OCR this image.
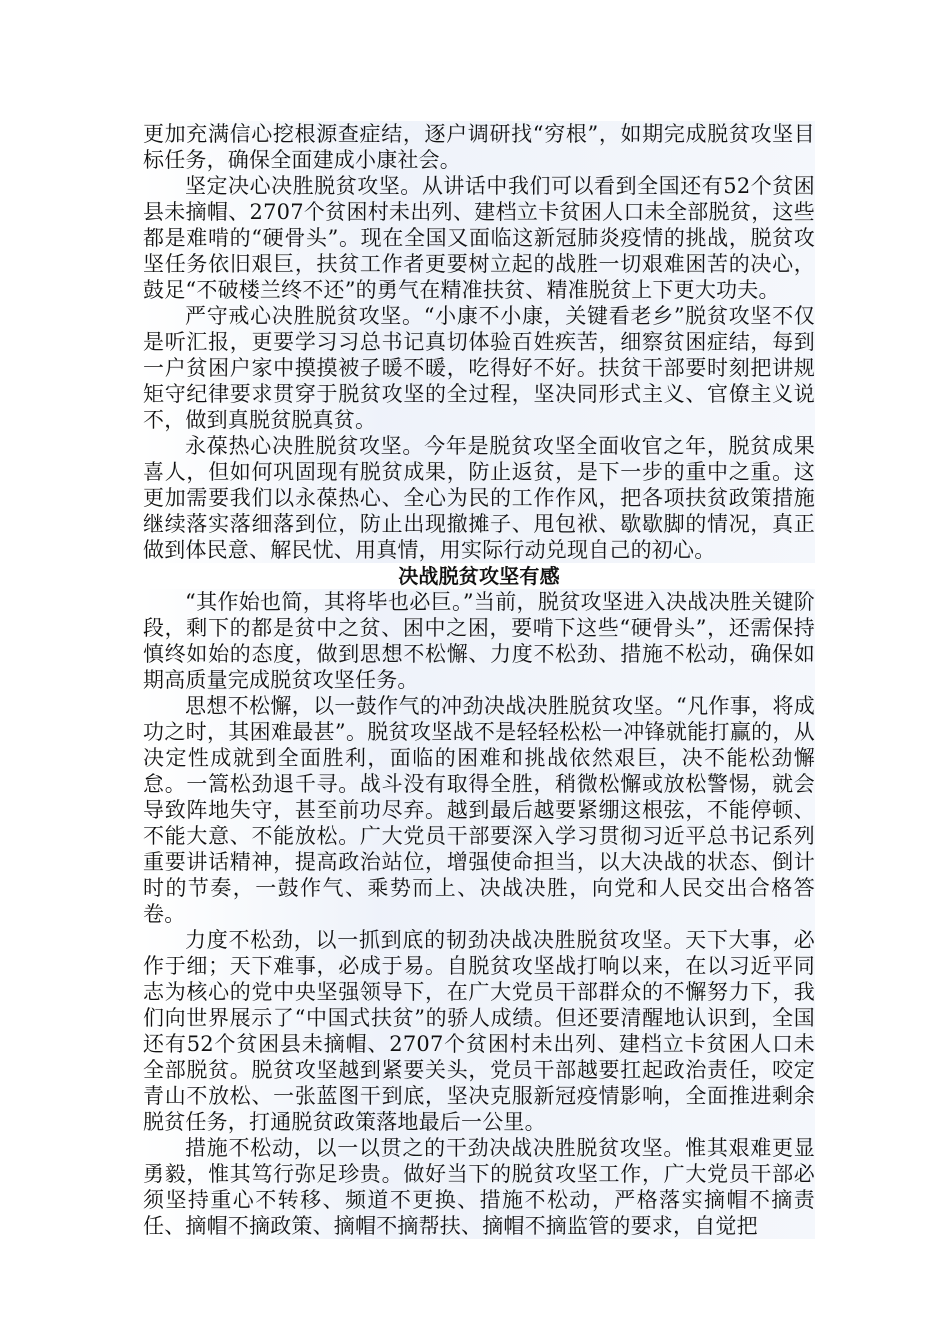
更加充满信心挖根源查症结，逐户调研找“穷根”，如期完成脱贫攻坚目标任务，确保全面建成小康社会。

坚定决心决胜脱贫攻坚。从讲话中我们可以看到全国还有52个贫困县未摘帽、2707个贫困村未出列、建档立卡贫困人口未全部脱贫，这些都是难啃的“硬骨头”。现在全国又面临这新冠肺炎疫情的挑战，脱贫攻坚任务依旧艰巨，扶贫工作者更要树立起的战胜一切艰难困苦的决心，鼓足“不破楼兰终不还”的勇气在精准扶贫、精准脱贫上下更大功夫。

严守戒心决胜脱贫攻坚。“小康不小康，关键看老乡”脱贫攻坚不仅是听汇报，更要学习习总书记真切体验百姓疾苦，细察贫困症结，每到一户贫困户家中摸摸被子暖不暖，吃得好不好。扶贫干部要时刻把讲规矩守纪律要求贯穿于脱贫攻坚的全过程，坚决同形式主义、官僚主义说不，做到真脱贫脱真贫。

永葆热心决胜脱贫攻坚。今年是脱贫攻坚全面收官之年，脱贫成果喜人，但如何巩固现有脱贫成果，防止返贫，是下一步的重中之重。这更加需要我们以永葆热心、全心为民的工作作风，把各项扶贫政策措施继续落实落细落到位，防止出现撤摊子、甩包袱、歇歇脚的情况，真正做到体民意、解民忧、用真情，用实际行动兑现自己的初心。

决战脱贫攻坚有感

“其作始也简，其将毕也必巨。”当前，脱贫攻坚进入决战决胜关键阶段，剩下的都是贫中之贫、困中之困，要啃下这些“硬骨头”，还需保持慎终如始的态度，做到思想不松懈、力度不松劲、措施不松动，确保如期高质量完成脱贫攻坚任务。

思想不松懈，以一鼓作气的冲劲决战决胜脱贫攻坚。“凡作事，将成功之时，其困难最甚”。脱贫攻坚战不是轻轻松松一冲锋就能打赢的，从决定性成就到全面胜利，面临的困难和挑战依然艰巨，决不能松劲懈怠。一篙松劲退千寻。战斗没有取得全胜，稍微松懈或放松警惕，就会导致阵地失守，甚至前功尽弃。越到最后越要紧绷这根弦，不能停顿、不能大意、不能放松。广大党员干部要深入学习贯彻习近平总书记系列重要讲话精神，提高政治站位，增强使命担当，以大决战的状态、倒计时的节奏，一鼓作气、乘势而上、决战决胜，向党和人民交出合格答卷。

力度不松劲，以一抓到底的韧劲决战决胜脱贫攻坚。天下大事，必作于细；天下难事，必成于易。自脱贫攻坚战打响以来，在以习近平同志为核心的党中央坚强领导下，在广大党员干部群众的不懈努力下，我们向世界展示了“中国式扶贫”的骄人成绩。但还要清醒地认识到，全国还有52个贫困县未摘帽、2707个贫困村未出列、建档立卡贫困人口未全部脱贫。脱贫攻坚越到紧要关头，党员干部越要扛起政治责任，咬定青山不放松、一张蓝图干到底，坚决克服新冠疫情影响，全面推进剩余脱贫任务，打通脱贫政策落地最后一公里。

措施不松动，以一以贯之的干劲决战决胜脱贫攻坚。惟其艰难更显勇毅，惟其笃行弥足珍贵。做好当下的脱贫攻坚工作，广大党员干部必须坚持重心不转移、频道不更换、措施不松动，严格落实摘帽不摘责任、摘帽不摘政策、摘帽不摘帮扶、摘帽不摘监管的要求，自觉把
